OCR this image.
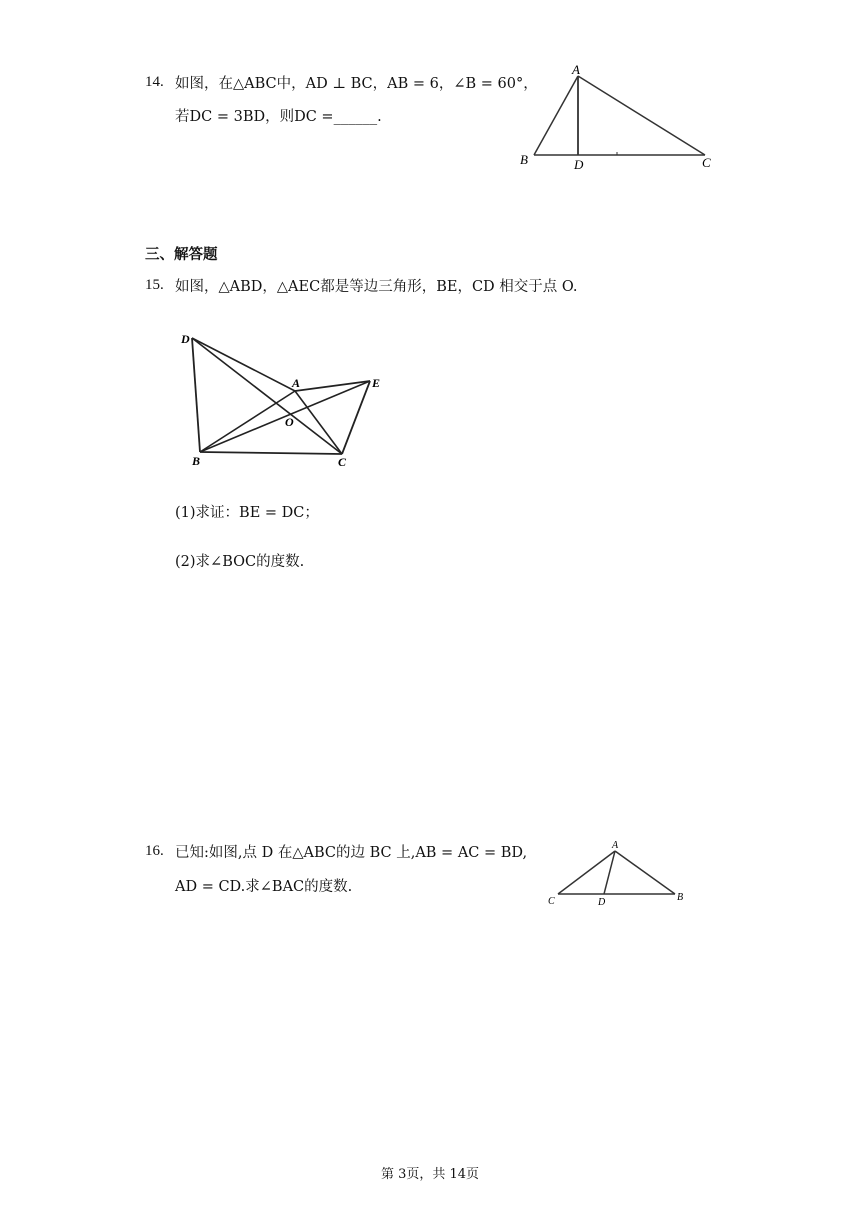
14. 如图，在△ABC中，AD ⊥ BC，AB = 6，∠B = 60°，
若DC = 3BD，则DC =______.
A
B	D	C
三、解答题
15. 如图，△ABD，△AEC都是等边三角形，BE，CD 相交于点 O.
D
A	E
O
B	C
(1)求证：BE = DC；
(2)求∠BOC的度数.
16. 已知:如图,点 D 在△ABC的边 BC 上,AB = AC = BD,
AD = CD.求∠BAC的度数.
A
C	D	B
第 3页，共 14页
